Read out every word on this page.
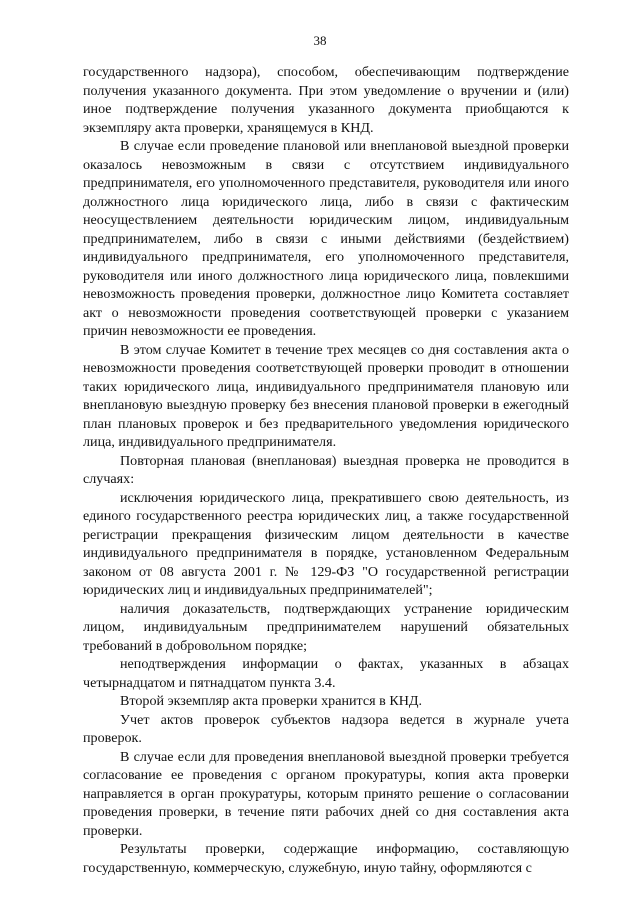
38

государственного надзора), способом, обеспечивающим подтверждение получения указанного документа. При этом уведомление о вручении и (или) иное подтверждение получения указанного документа приобщаются к экземпляру акта проверки, хранящемуся в КНД.

В случае если проведение плановой или внеплановой выездной проверки оказалось невозможным в связи с отсутствием индивидуального предпринимателя, его уполномоченного представителя, руководителя или иного должностного лица юридического лица, либо в связи с фактическим неосуществлением деятельности юридическим лицом, индивидуальным предпринимателем, либо в связи с иными действиями (бездействием) индивидуального предпринимателя, его уполномоченного представителя, руководителя или иного должностного лица юридического лица, повлекшими невозможность проведения проверки, должностное лицо Комитета составляет акт о невозможности проведения соответствующей проверки с указанием причин невозможности ее проведения.

В этом случае Комитет в течение трех месяцев со дня составления акта о невозможности проведения соответствующей проверки проводит в отношении таких юридического лица, индивидуального предпринимателя плановую или внеплановую выездную проверку без внесения плановой проверки в ежегодный план плановых проверок и без предварительного уведомления юридического лица, индивидуального предпринимателя.

Повторная плановая (внеплановая) выездная проверка не проводится в случаях:

исключения юридического лица, прекратившего свою деятельность, из единого государственного реестра юридических лиц, а также государственной регистрации прекращения физическим лицом деятельности в качестве индивидуального предпринимателя в порядке, установленном Федеральным законом от 08 августа 2001 г. № 129-ФЗ "О государственной регистрации юридических лиц и индивидуальных предпринимателей";

наличия доказательств, подтверждающих устранение юридическим лицом, индивидуальным предпринимателем нарушений обязательных требований в добровольном порядке;

неподтверждения информации о фактах, указанных в абзацах четырнадцатом и пятнадцатом пункта 3.4.

Второй экземпляр акта проверки хранится в КНД.

Учет актов проверок субъектов надзора ведется в журнале учета проверок.

В случае если для проведения внеплановой выездной проверки требуется согласование ее проведения с органом прокуратуры, копия акта проверки направляется в орган прокуратуры, которым принято решение о согласовании проведения проверки, в течение пяти рабочих дней со дня составления акта проверки.

Результаты проверки, содержащие информацию, составляющую государственную, коммерческую, служебную, иную тайну, оформляются с
